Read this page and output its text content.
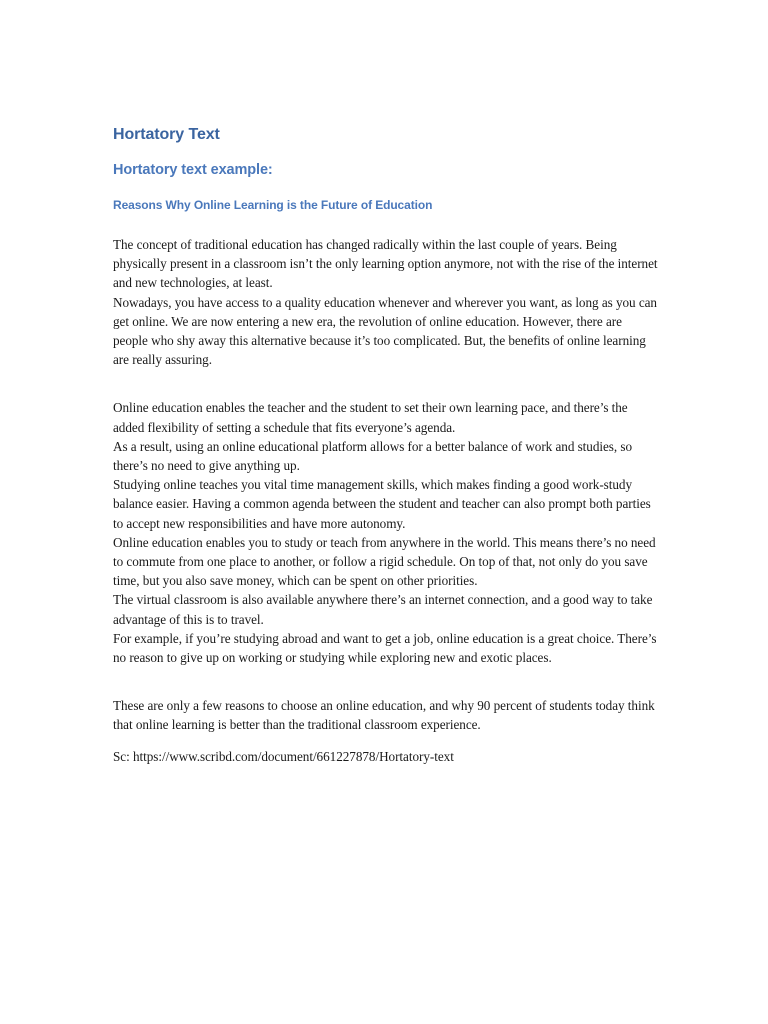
Hortatory Text
Hortatory text example:
Reasons Why Online Learning is the Future of Education

The concept of traditional education has changed radically within the last couple of years. Being physically present in a classroom isn’t the only learning option anymore, not with the rise of the internet and new technologies, at least.

Nowadays, you have access to a quality education whenever and wherever you want, as long as you can get online. We are now entering a new era, the revolution of online education. However, there are people who shy away this alternative because it’s too complicated. But, the benefits of online learning are really assuring.

Online education enables the teacher and the student to set their own learning pace, and there’s the added flexibility of setting a schedule that fits everyone’s agenda.

As a result, using an online educational platform allows for a better balance of work and studies, so there’s no need to give anything up.

Studying online teaches you vital time management skills, which makes finding a good work-study balance easier. Having a common agenda between the student and teacher can also prompt both parties to accept new responsibilities and have more autonomy.

Online education enables you to study or teach from anywhere in the world. This means there’s no need to commute from one place to another, or follow a rigid schedule. On top of that, not only do you save time, but you also save money, which can be spent on other priorities.

The virtual classroom is also available anywhere there’s an internet connection, and a good way to take advantage of this is to travel.

For example, if you’re studying abroad and want to get a job, online education is a great choice. There’s no reason to give up on working or studying while exploring new and exotic places.

These are only a few reasons to choose an online education, and why 90 percent of students today think that online learning is better than the traditional classroom experience.

Sc: https://www.scribd.com/document/661227878/Hortatory-text
